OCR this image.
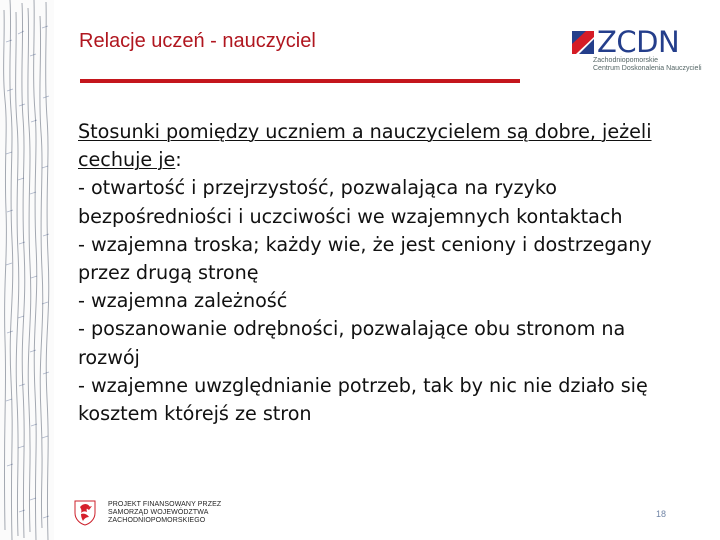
Relacje uczeń - nauczyciel	ZCDN
Zachodniopomorskie
Centrum Doskonalenia Nauczycieli
Stosunki pomiędzy uczniem a nauczycielem są dobre, jeżeli cechuje je:
- otwartość i przejrzystość, pozwalająca na ryzyko bezpośredniości i uczciwości we wzajemnych kontaktach
- wzajemna troska; każdy wie, że jest ceniony i dostrzegany przez drugą stronę
- wzajemna zależność
- poszanowanie odrębności, pozwalające obu stronom na rozwój
- wzajemne uwzględnianie potrzeb, tak by nic nie działo się kosztem którejś ze stron
PROJEKT FINANSOWANY PRZEZ
SAMORZĄD WOJEWÓDZTWA
ZACHODNIOPOMORSKIEGO
18
